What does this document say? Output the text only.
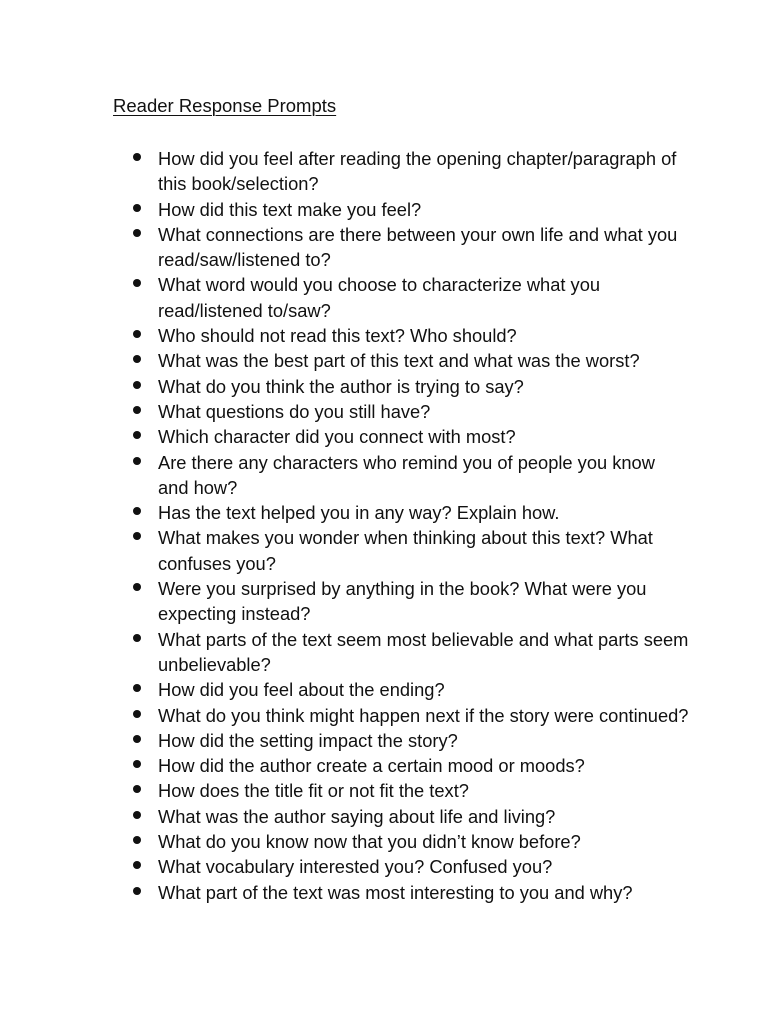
Reader Response Prompts
How did you feel after reading the opening chapter/paragraph of this book/selection?
How did this text make you feel?
What connections are there between your own life and what you read/saw/listened to?
What word would you choose to characterize what you read/listened to/saw?
Who should not read this text? Who should?
What was the best part of this text and what was the worst?
What do you think the author is trying to say?
What questions do you still have?
Which character did you connect with most?
Are there any characters who remind you of people you know and how?
Has the text helped you in any way? Explain how.
What makes you wonder when thinking about this text? What confuses you?
Were you surprised by anything in the book? What were you expecting instead?
What parts of the text seem most believable and what parts seem unbelievable?
How did you feel about the ending?
What do you think might happen next if the story were continued?
How did the setting impact the story?
How did the author create a certain mood or moods?
How does the title fit or not fit the text?
What was the author saying about life and living?
What do you know now that you didn’t know before?
What vocabulary interested you? Confused you?
What part of the text was most interesting to you and why?
